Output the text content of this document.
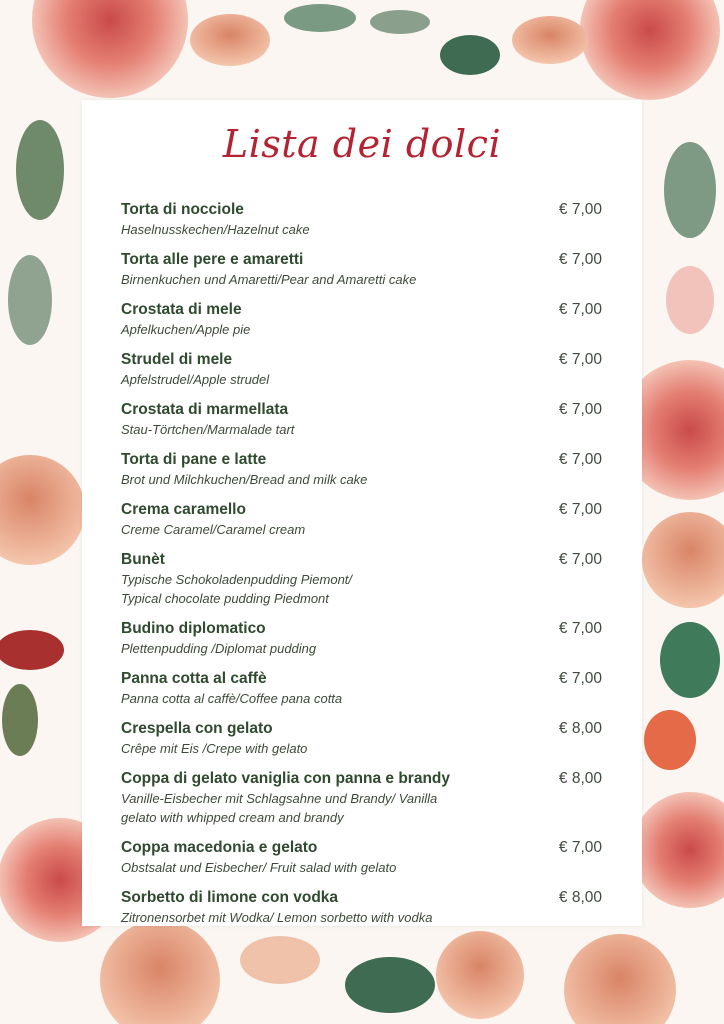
Lista dei dolci
Torta di nocciole
Haselnusskechen/Hazelnut cake
€ 7,00
Torta alle pere e amaretti
Birnenkuchen und Amaretti/Pear and Amaretti cake
€ 7,00
Crostata di mele
Apfelkuchen/Apple pie
€ 7,00
Strudel di mele
Apfelstrudel/Apple strudel
€ 7,00
Crostata di marmellata
Stau-Törtchen/Marmalade tart
€ 7,00
Torta di pane e latte
Brot und Milchkuchen/Bread and milk cake
€ 7,00
Crema caramello
Creme Caramel/Caramel cream
€ 7,00
Bunèt
Typische Schokoladenpudding Piemont/
Typical chocolate pudding Piedmont
€ 7,00
Budino diplomatico
Plettenpudding /Diplomat pudding
€ 7,00
Panna cotta al caffè
Panna cotta al caffè/Coffee pana cotta
€ 7,00
Crespella con gelato
Crêpe mit Eis /Crepe with gelato
€ 8,00
Coppa di gelato vaniglia con panna e brandy
Vanille-Eisbecher mit Schlagsahne und Brandy/ Vanilla
gelato with whipped cream and brandy
€ 8,00
Coppa macedonia e gelato
Obstsalat und Eisbecher/ Fruit salad with gelato
€ 7,00
Sorbetto di limone con vodka
Zitronensorbet mit Wodka/ Lemon sorbetto with vodka
€ 8,00
